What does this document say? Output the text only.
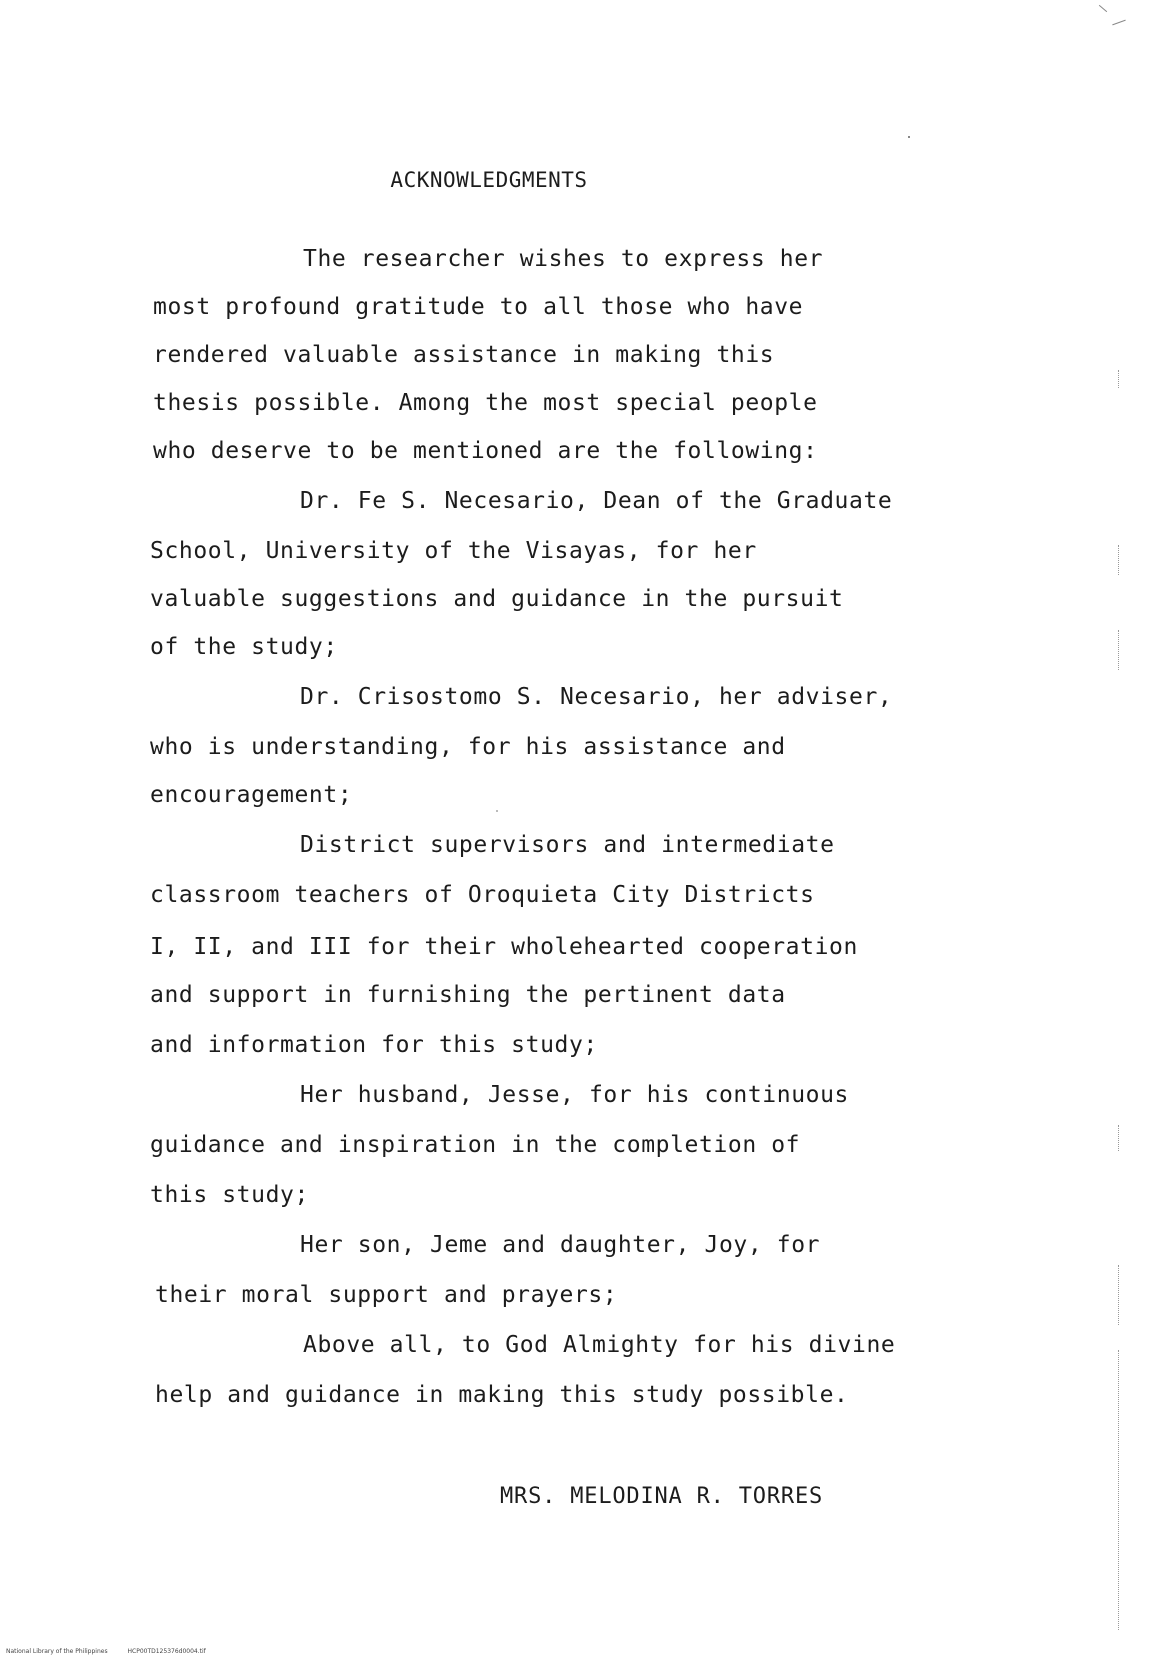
ACKNOWLEDGMENTS
The researcher wishes to express her
most profound gratitude to all those who have
rendered valuable assistance in making this
thesis possible. Among the most special people
who deserve to be mentioned are the following:
Dr. Fe S. Necesario, Dean of the Graduate
School, University of the Visayas, for her
valuable suggestions and guidance in the pursuit
of the study;
Dr. Crisostomo S. Necesario, her adviser,
who is understanding, for his assistance and
encouragement;
District supervisors and intermediate
classroom teachers of Oroquieta City Districts
I, II, and III for their wholehearted cooperation
and support in furnishing the pertinent data
and information for this study;
Her husband, Jesse, for his continuous
guidance and inspiration in the completion of
this study;
Her son, Jeme and daughter, Joy, for
their moral support and prayers;
Above all, to God Almighty for his divine
help and guidance in making this study possible.
MRS. MELODINA R. TORRES
National Library of the Philippines	HCP00TD125376d0004.tif
